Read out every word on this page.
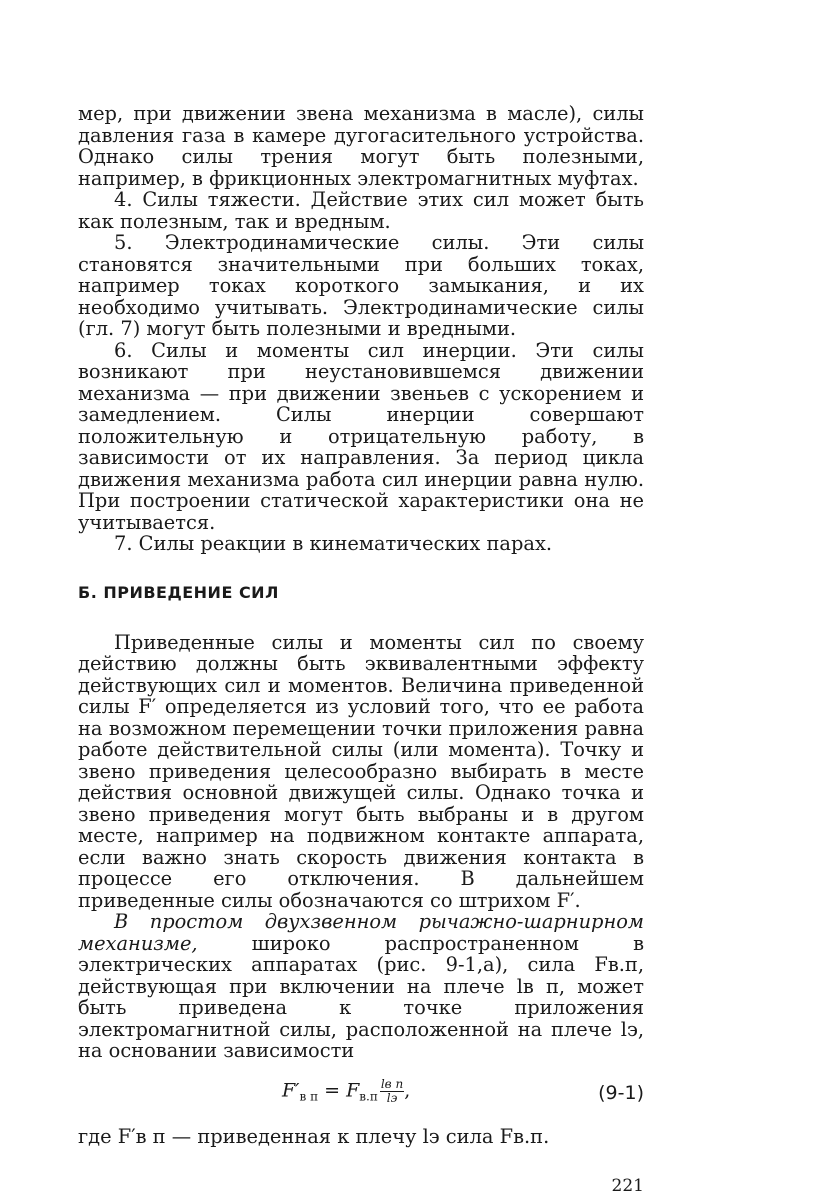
мер, при движении звена механизма в масле), силы давления газа в камере дугогасительного устройства. Однако силы трения могут быть полезными, например, в фрикционных электромагнитных муфтах.

4. Силы тяжести. Действие этих сил может быть как полезным, так и вредным.

5. Электродинамические силы. Эти силы становятся значительными при больших токах, например токах короткого замыкания, и их необходимо учитывать. Электродинамические силы (гл. 7) могут быть полезными и вредными.

6. Силы и моменты сил инерции. Эти силы возникают при неустановившемся движении механизма — при движении звеньев с ускорением и замедлением. Силы инерции совершают положительную и отрицательную работу, в зависимости от их направления. За период цикла движения механизма работа сил инерции равна нулю. При построении статической характеристики она не учитывается.

7. Силы реакции в кинематических парах.

Б. ПРИВЕДЕНИЕ СИЛ

Приведенные силы и моменты сил по своему действию должны быть эквивалентными эффекту действующих сил и моментов. Величина приведенной силы F′ определяется из условий того, что ее работа на возможном перемещении точки приложения равна работе действительной силы (или момента). Точку и звено приведения целесообразно выбирать в месте действия основной движущей силы. Однако точка и звено приведения могут быть выбраны и в другом месте, например на подвижном контакте аппарата, если важно знать скорость движения контакта в процессе его отключения. В дальнейшем приведенные силы обозначаются со штрихом F′.

В простом двухзвенном рычажно-шарнирном механизме, широко распространенном в электрических аппаратах (рис. 9-1,а), сила Fв.п, действующая при включении на плече lв п, может быть приведена к точке приложения электромагнитной силы, расположенной на плече lэ, на основании зависимости

$F'_{в п} = F_{в.п} \frac{\text{lв п}}{lэ}$ ,	(9-1)

где F′в п — приведенная к плечу lэ сила Fв.п.

221
